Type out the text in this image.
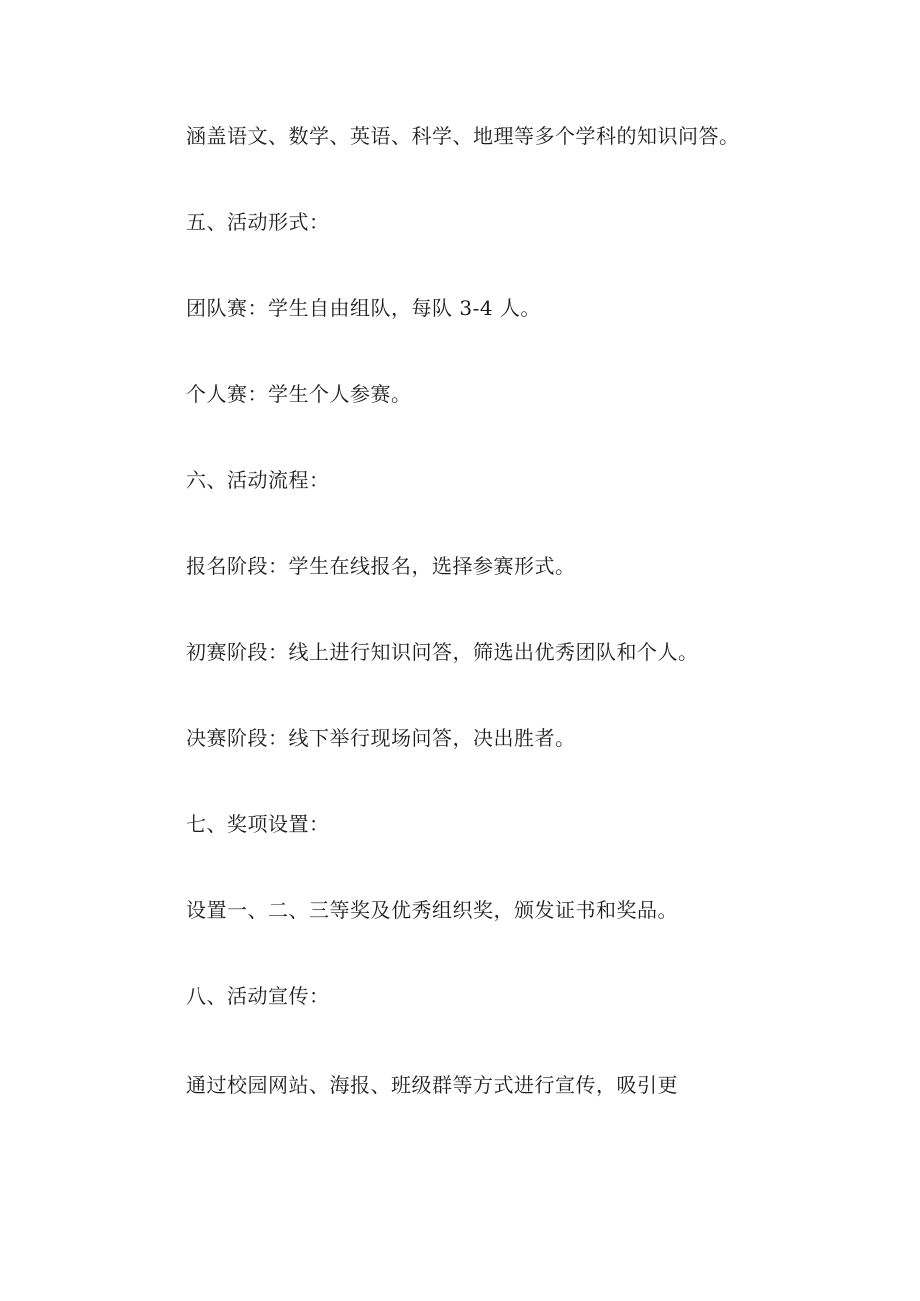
涵盖语文、数学、英语、科学、地理等多个学科的知识问答。
五、活动形式：
团队赛：学生自由组队，每队 3-4 人。
个人赛：学生个人参赛。
六、活动流程：
报名阶段：学生在线报名，选择参赛形式。
初赛阶段：线上进行知识问答，筛选出优秀团队和个人。
决赛阶段：线下举行现场问答，决出胜者。
七、奖项设置：
设置一、二、三等奖及优秀组织奖，颁发证书和奖品。
八、活动宣传：
通过校园网站、海报、班级群等方式进行宣传，吸引更
